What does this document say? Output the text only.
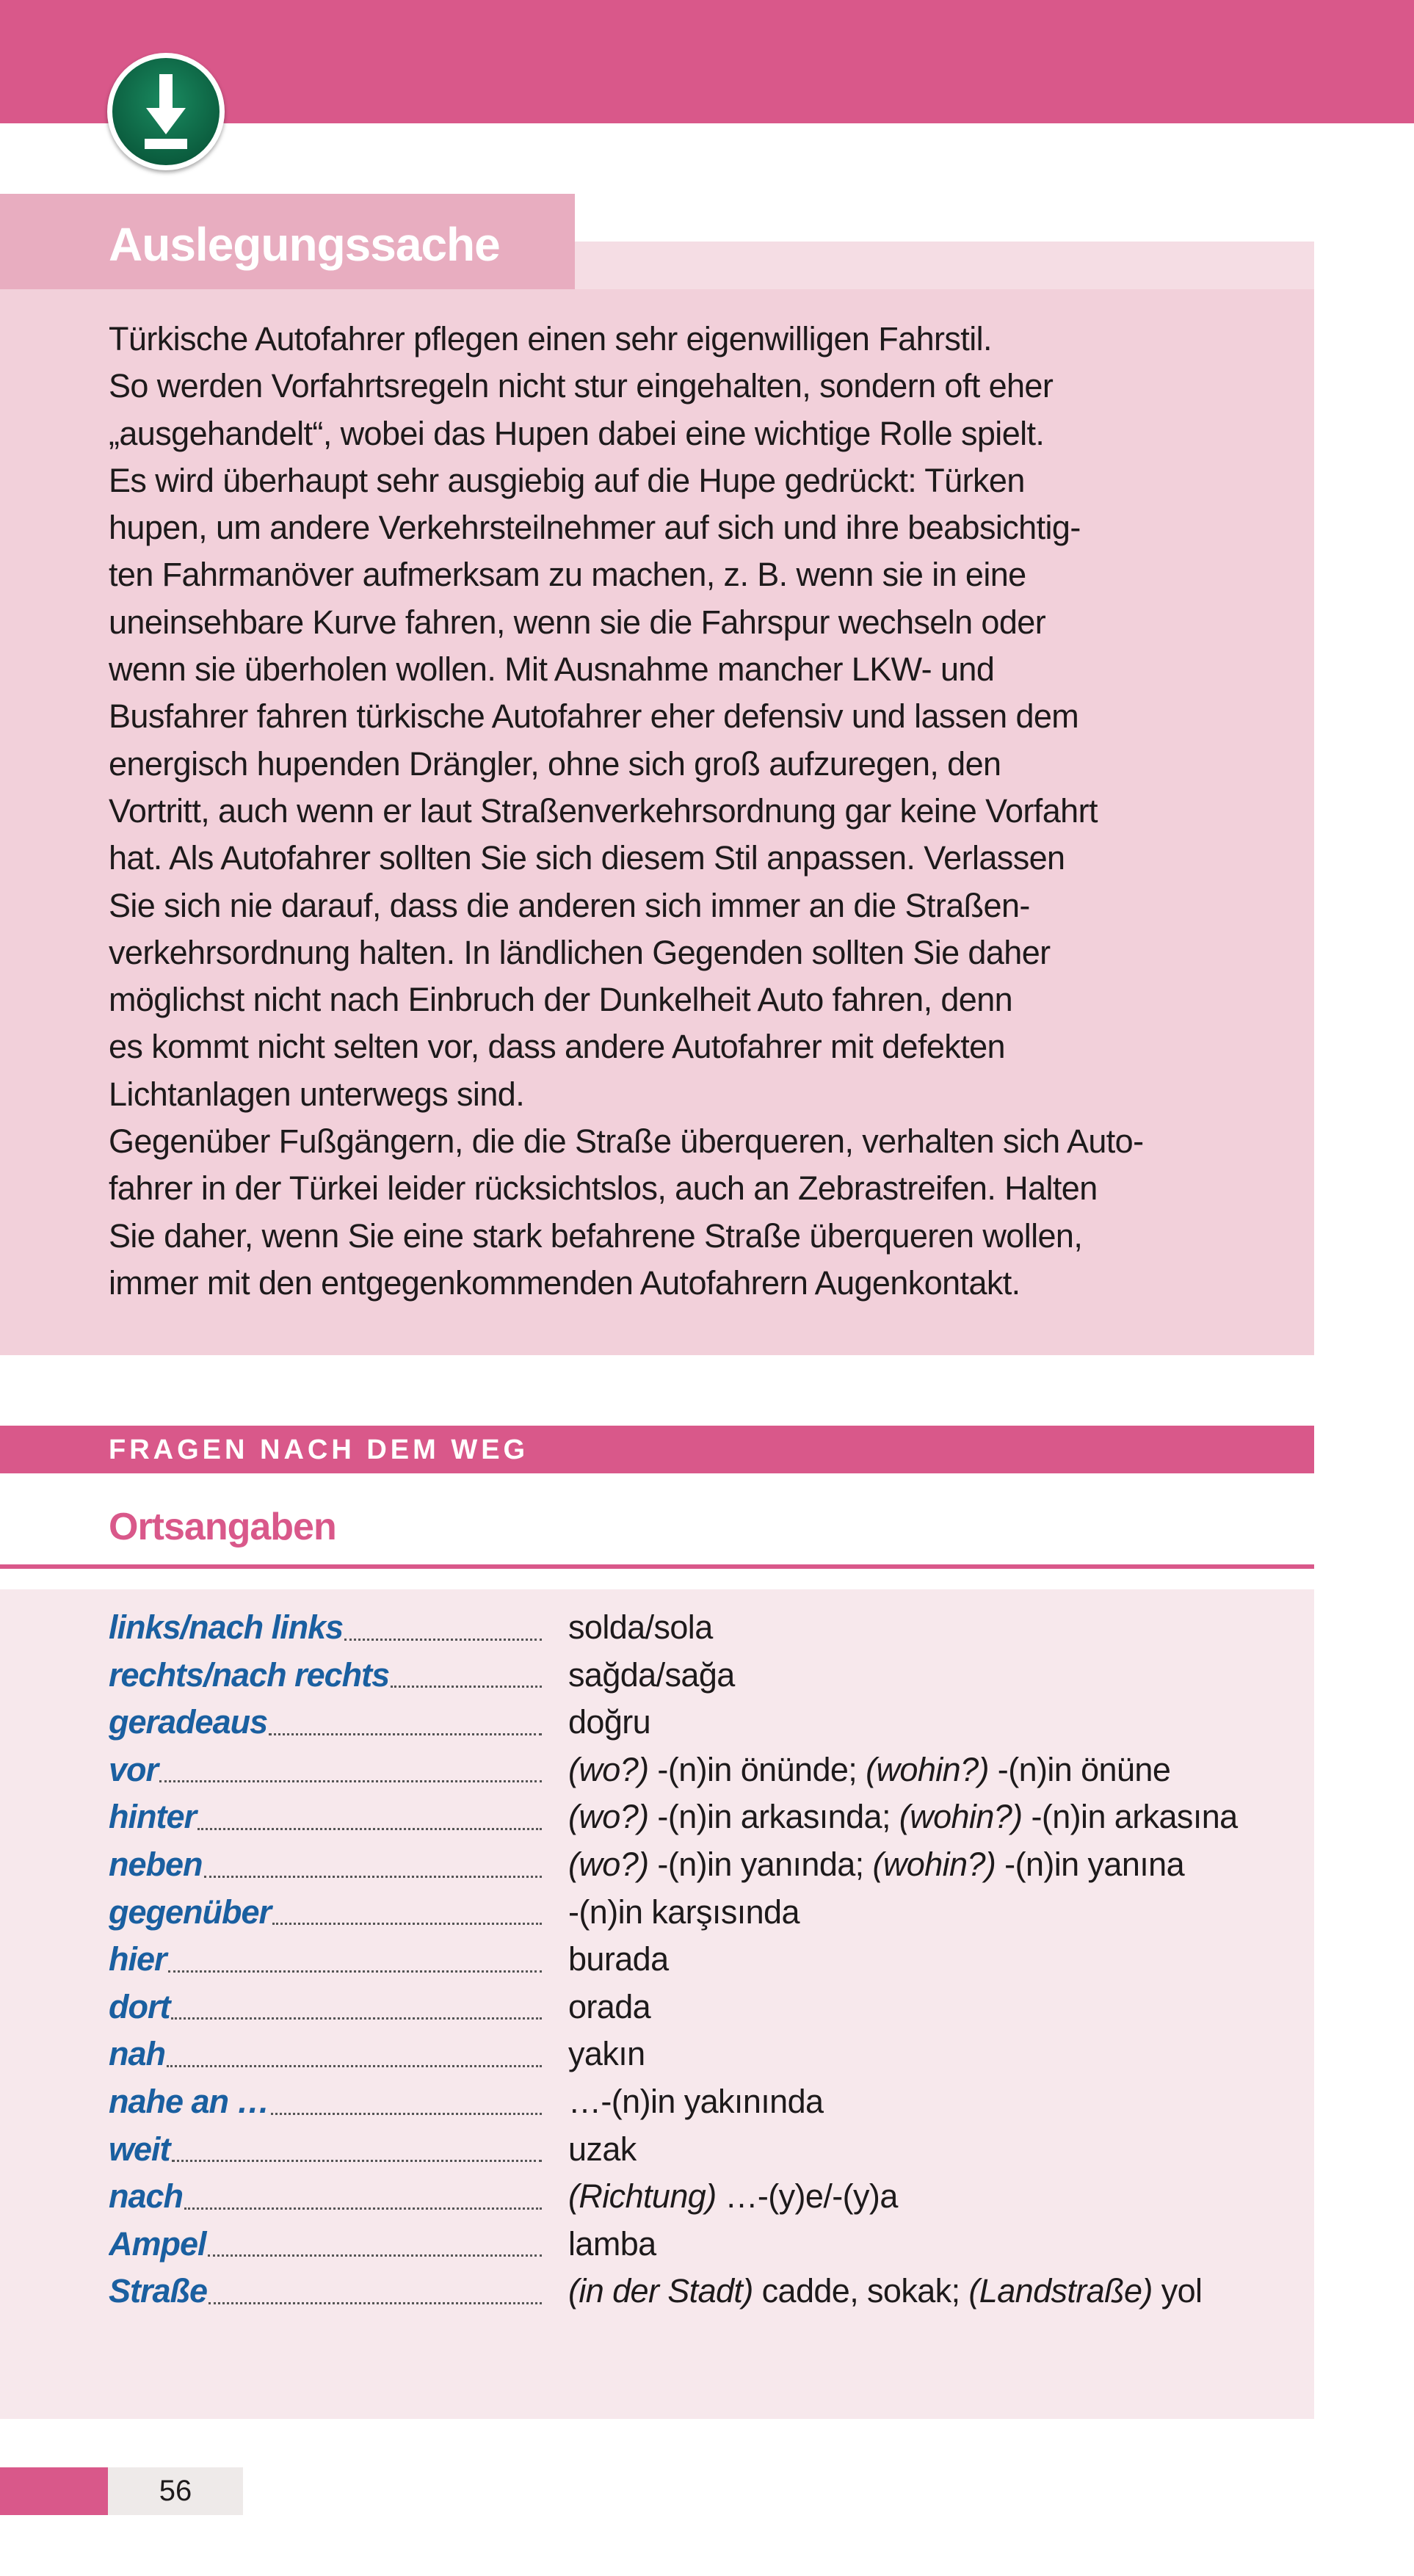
Auslegungssache
Türkische Autofahrer pflegen einen sehr eigenwilligen Fahrstil.
So werden Vorfahrtsregeln nicht stur eingehalten, sondern oft eher
„ausgehandelt“, wobei das Hupen dabei eine wichtige Rolle spielt.
Es wird überhaupt sehr ausgiebig auf die Hupe gedrückt: Türken
hupen, um andere Verkehrsteilnehmer auf sich und ihre beabsichtig-
ten Fahrmanöver aufmerksam zu machen, z. B. wenn sie in eine
uneinsehbare Kurve fahren, wenn sie die Fahrspur wechseln oder
wenn sie überholen wollen. Mit Ausnahme mancher LKW- und
Busfahrer fahren türkische Autofahrer eher defensiv und lassen dem
energisch hupenden Drängler, ohne sich groß aufzuregen, den
Vortritt, auch wenn er laut Straßenverkehrsordnung gar keine Vorfahrt
hat. Als Autofahrer sollten Sie sich diesem Stil anpassen. Verlassen
Sie sich nie darauf, dass die anderen sich immer an die Straßen-
verkehrsordnung halten. In ländlichen Gegenden sollten Sie daher
möglichst nicht nach Einbruch der Dunkelheit Auto fahren, denn
es kommt nicht selten vor, dass andere Autofahrer mit defekten
Lichtanlagen unterwegs sind.
Gegenüber Fußgängern, die die Straße überqueren, verhalten sich Auto-
fahrer in der Türkei leider rücksichtslos, auch an Zebrastreifen. Halten
Sie daher, wenn Sie eine stark befahrene Straße überqueren wollen,
immer mit den entgegenkommenden Autofahrern Augenkontakt.
FRAGEN NACH DEM WEG
Ortsangaben
links/nach links	solda/sola
rechts/nach rechts	sağda/sağa
geradeaus	doğru
vor	(wo?) -(n)in önünde; (wohin?) -(n)in önüne
hinter	(wo?) -(n)in arkasında; (wohin?) -(n)in arkasına
neben	(wo?) -(n)in yanında; (wohin?) -(n)in yanına
gegenüber	-(n)in karşısında
hier	burada
dort	orada
nah	yakın
nahe an …	…-(n)in yakınında
weit	uzak
nach	(Richtung) …-(y)e/-(y)a
Ampel	lamba
Straße	(in der Stadt) cadde, sokak; (Landstraße) yol
56
